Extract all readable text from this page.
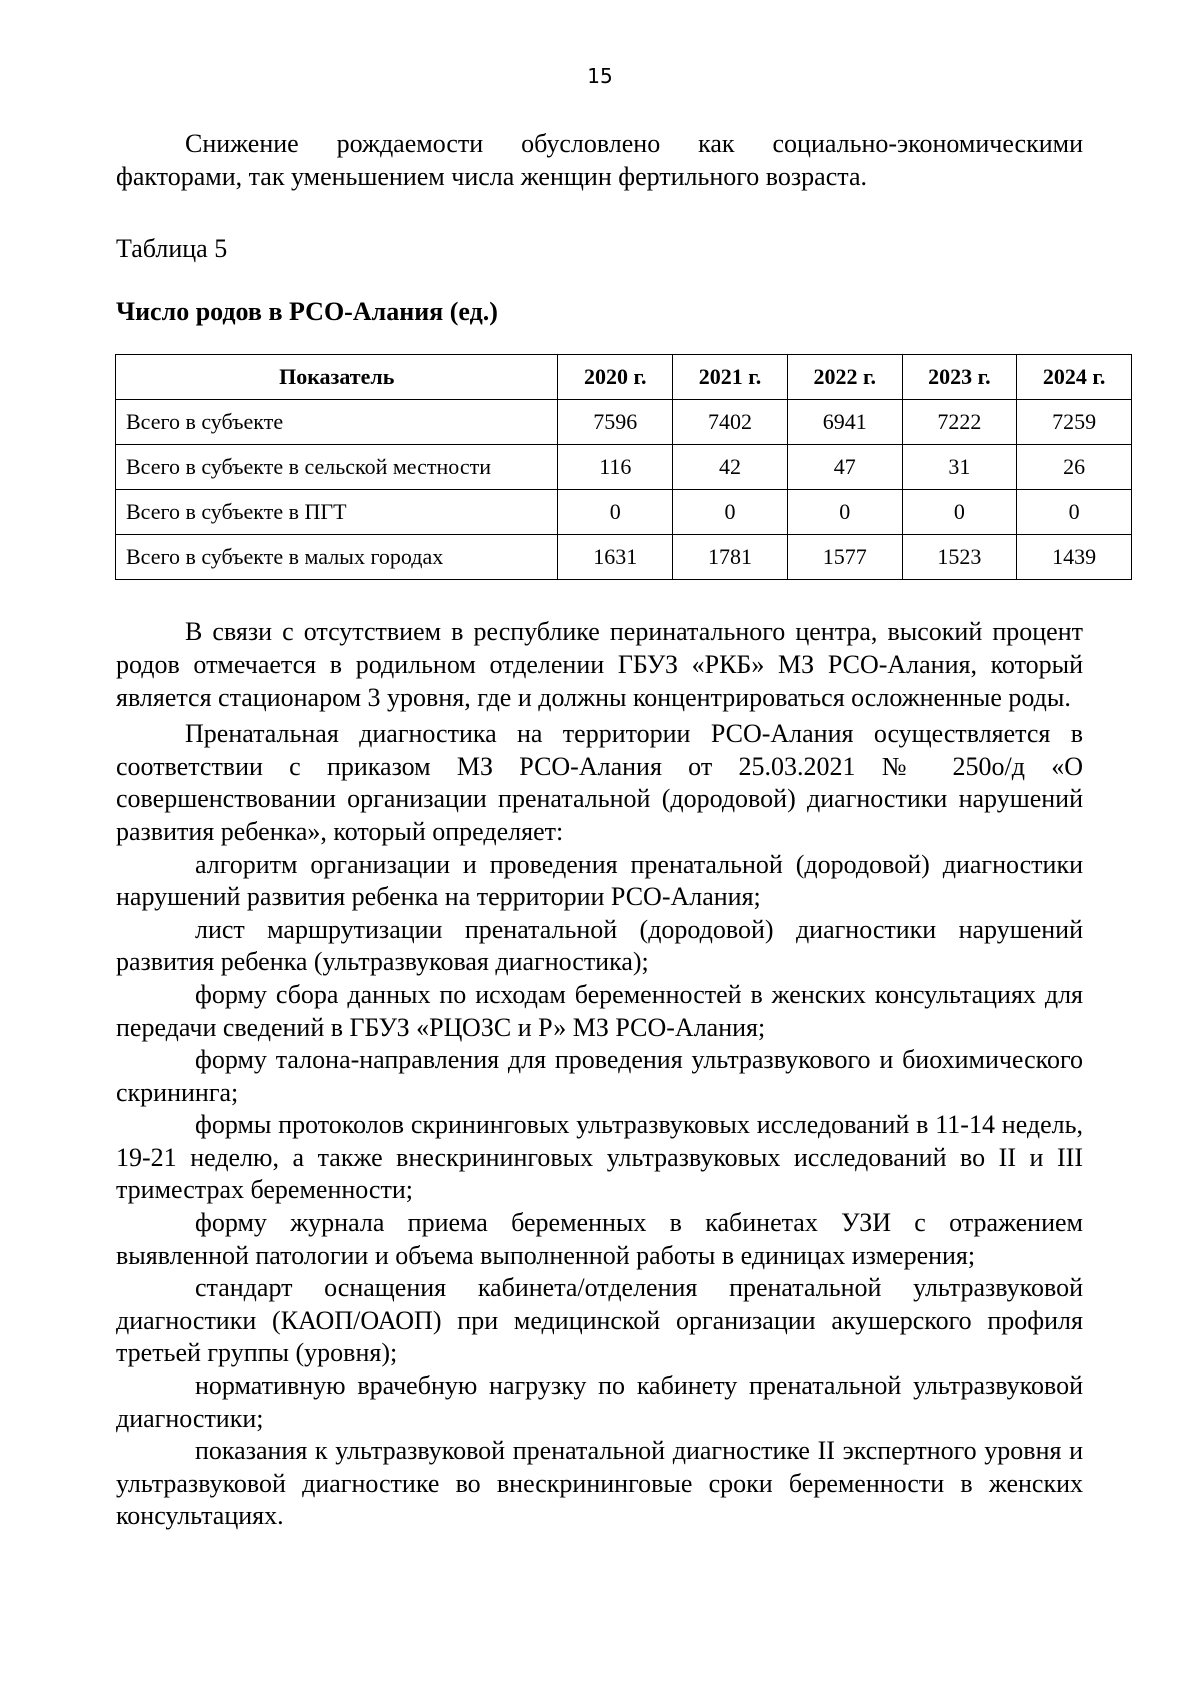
15

Снижение рождаемости обусловлено как социально-экономическими факторами, так уменьшением числа женщин фертильного возраста.

Таблица 5

Число родов в РСО-Алания (ед.)

Показатель	2020 г.	2021 г.	2022 г.	2023 г.	2024 г.
Всего в субъекте	7596	7402	6941	7222	7259
Всего в субъекте в сельской местности	116	42	47	31	26
Всего в субъекте в ПГТ	0	0	0	0	0
Всего в субъекте в малых городах	1631	1781	1577	1523	1439

В связи с отсутствием в республике перинатального центра, высокий процент родов отмечается в родильном отделении ГБУЗ «РКБ» МЗ РСО-Алания, который является стационаром 3 уровня, где и должны концентрироваться осложненные роды.

Пренатальная диагностика на территории РСО-Алания осуществляется в соответствии с приказом МЗ РСО-Алания от 25.03.2021 № 250о/д «О совершенствовании организации пренатальной (дородовой) диагностики нарушений развития ребенка», который определяет:

алгоритм организации и проведения пренатальной (дородовой) диагностики нарушений развития ребенка на территории РСО-Алания;

лист маршрутизации пренатальной (дородовой) диагностики нарушений развития ребенка (ультразвуковая диагностика);

форму сбора данных по исходам беременностей в женских консультациях для передачи сведений в ГБУЗ «РЦОЗС и Р» МЗ РСО-Алания;

форму талона-направления для проведения ультразвукового и биохимического скрининга;

формы протоколов скрининговых ультразвуковых исследований в 11-14 недель, 19-21 неделю, а также внескрининговых ультразвуковых исследований во II и III триместрах беременности;

форму журнала приема беременных в кабинетах УЗИ с отражением выявленной патологии и объема выполненной работы в единицах измерения;

стандарт оснащения кабинета/отделения пренатальной ультразвуковой диагностики (КАОП/ОАОП) при медицинской организации акушерского профиля третьей группы (уровня);

нормативную врачебную нагрузку по кабинету пренатальной ультразвуковой диагностики;

показания к ультразвуковой пренатальной диагностике II экспертного уровня и ультразвуковой диагностике во внескрининговые сроки беременности в женских консультациях.
